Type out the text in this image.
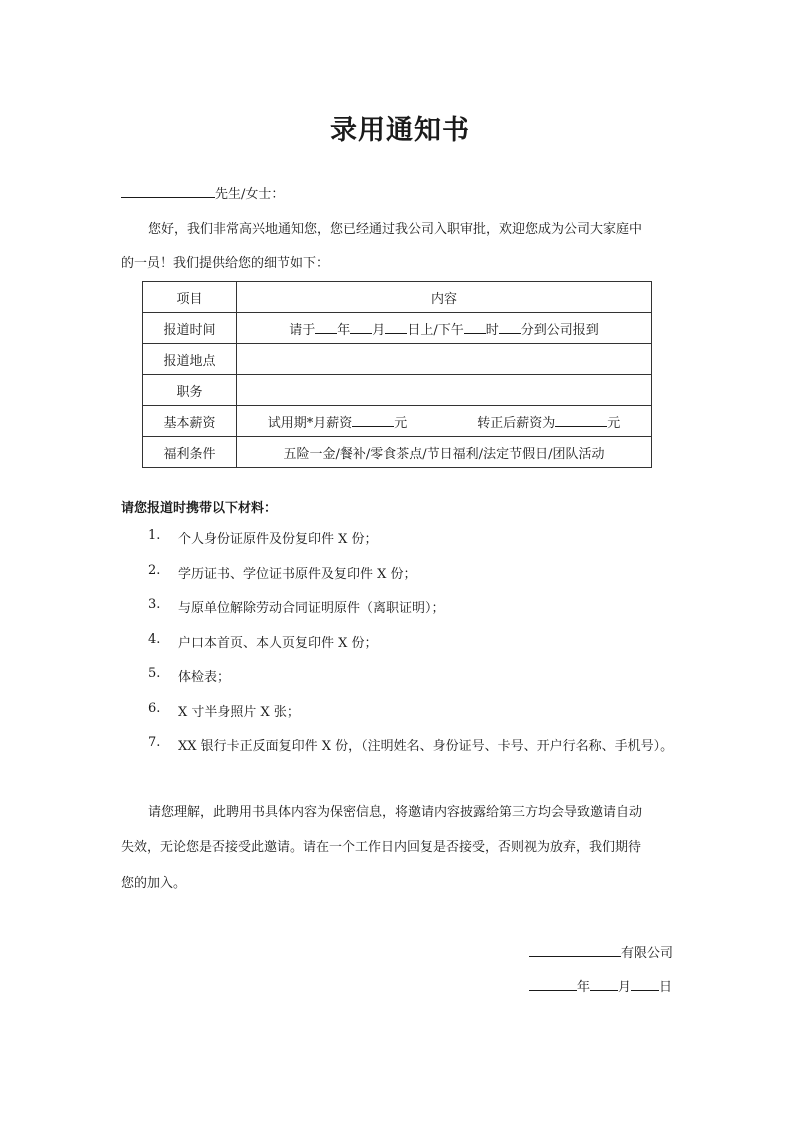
录用通知书
先生/女士：
您好，我们非常高兴地通知您，您已经通过我公司入职审批，欢迎您成为公司大家庭中
的一员！我们提供给您的细节如下：
项目	内容
报道时间	请于 年 月 日上/下午 时 分到公司报到
报道地点	
职务	
基本薪资	试用期*月薪资 元 转正后薪资为 元
福利条件	五险一金/餐补/零食茶点/节日福利/法定节假日/团队活动
请您报道时携带以下材料：
1. 个人身份证原件及份复印件 X 份；
2. 学历证书、学位证书原件及复印件 X 份；
3. 与原单位解除劳动合同证明原件（离职证明）；
4. 户口本首页、本人页复印件 X 份；
5. 体检表；
6. X 寸半身照片 X 张；
7. XX 银行卡正反面复印件 X 份，（注明姓名、身份证号、卡号、开户行名称、手机号）。
请您理解，此聘用书具体内容为保密信息，将邀请内容披露给第三方均会导致邀请自动
失效，无论您是否接受此邀请。请在一个工作日内回复是否接受，否则视为放弃，我们期待
您的加入。
有限公司
年 月 日
